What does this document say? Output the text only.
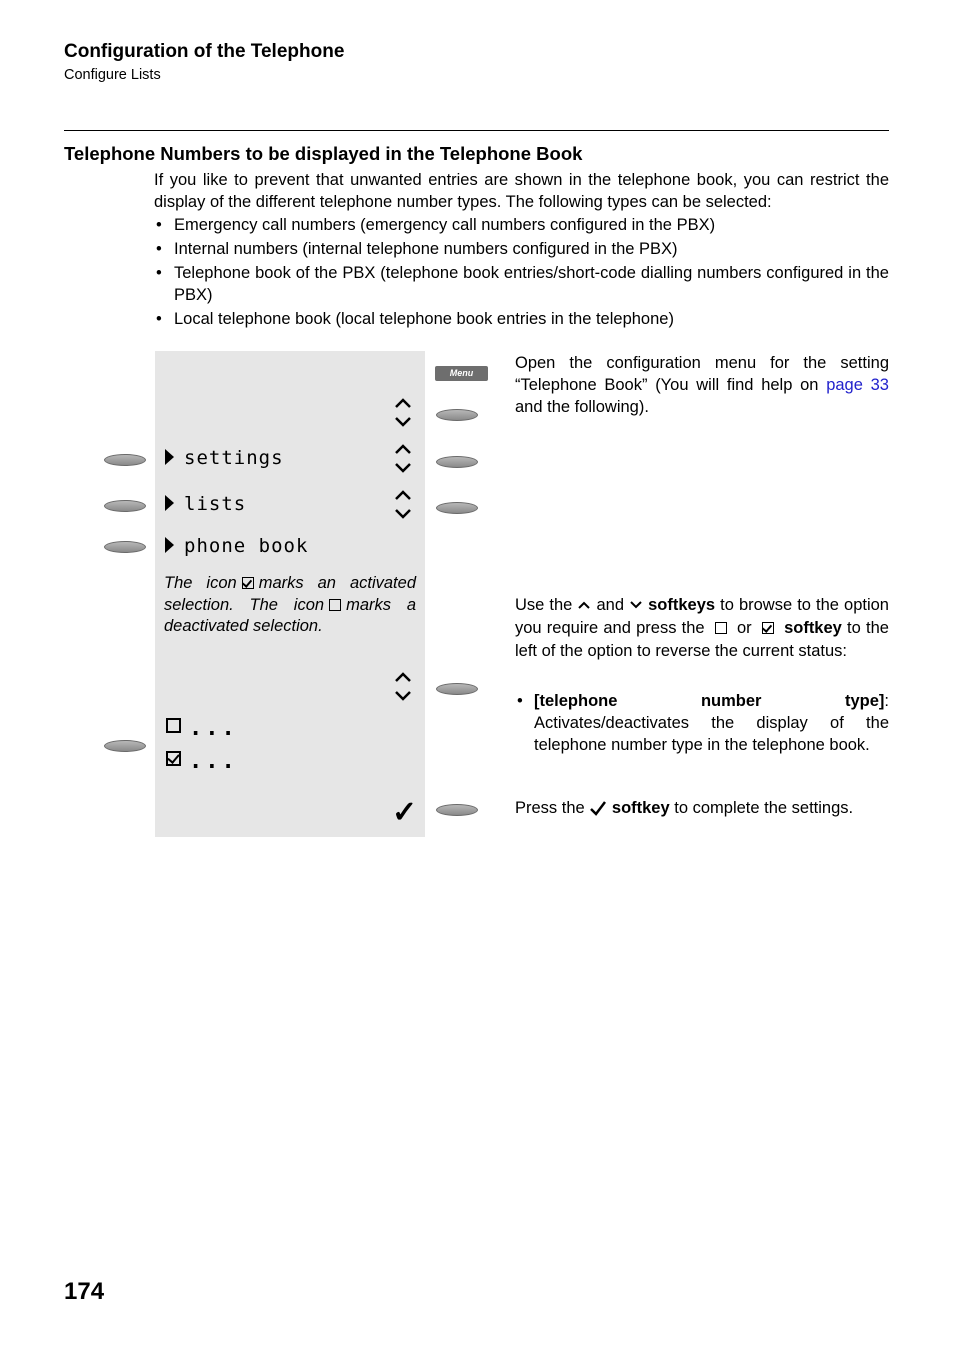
Configuration of the Telephone
Configure Lists
Telephone Numbers to be displayed in the Telephone Book
If you like to prevent that unwanted entries are shown in the telephone book, you can restrict the display of the different telephone number types. The following types can be selected:
• Emergency call numbers (emergency call numbers configured in the PBX)
• Internal numbers (internal telephone numbers configured in the PBX)
• Telephone book of the PBX (telephone book entries/short-code dialling numbers configured in the PBX)
• Local telephone book (local telephone book entries in the telephone)
Menu
settings
lists
phone book
The icon marks an activated selection. The icon marks a deactivated selection.
...
...
✓
Open the configuration menu for the setting “Telephone Book” (You will find help on page 33 and the following).
Use the and softkeys to browse to the option you require and press the or softkey to the left of the option to reverse the current status:
• [telephone number type]: Activates/deactivates the display of the telephone number type in the telephone book.
Press the softkey to complete the settings.
174
